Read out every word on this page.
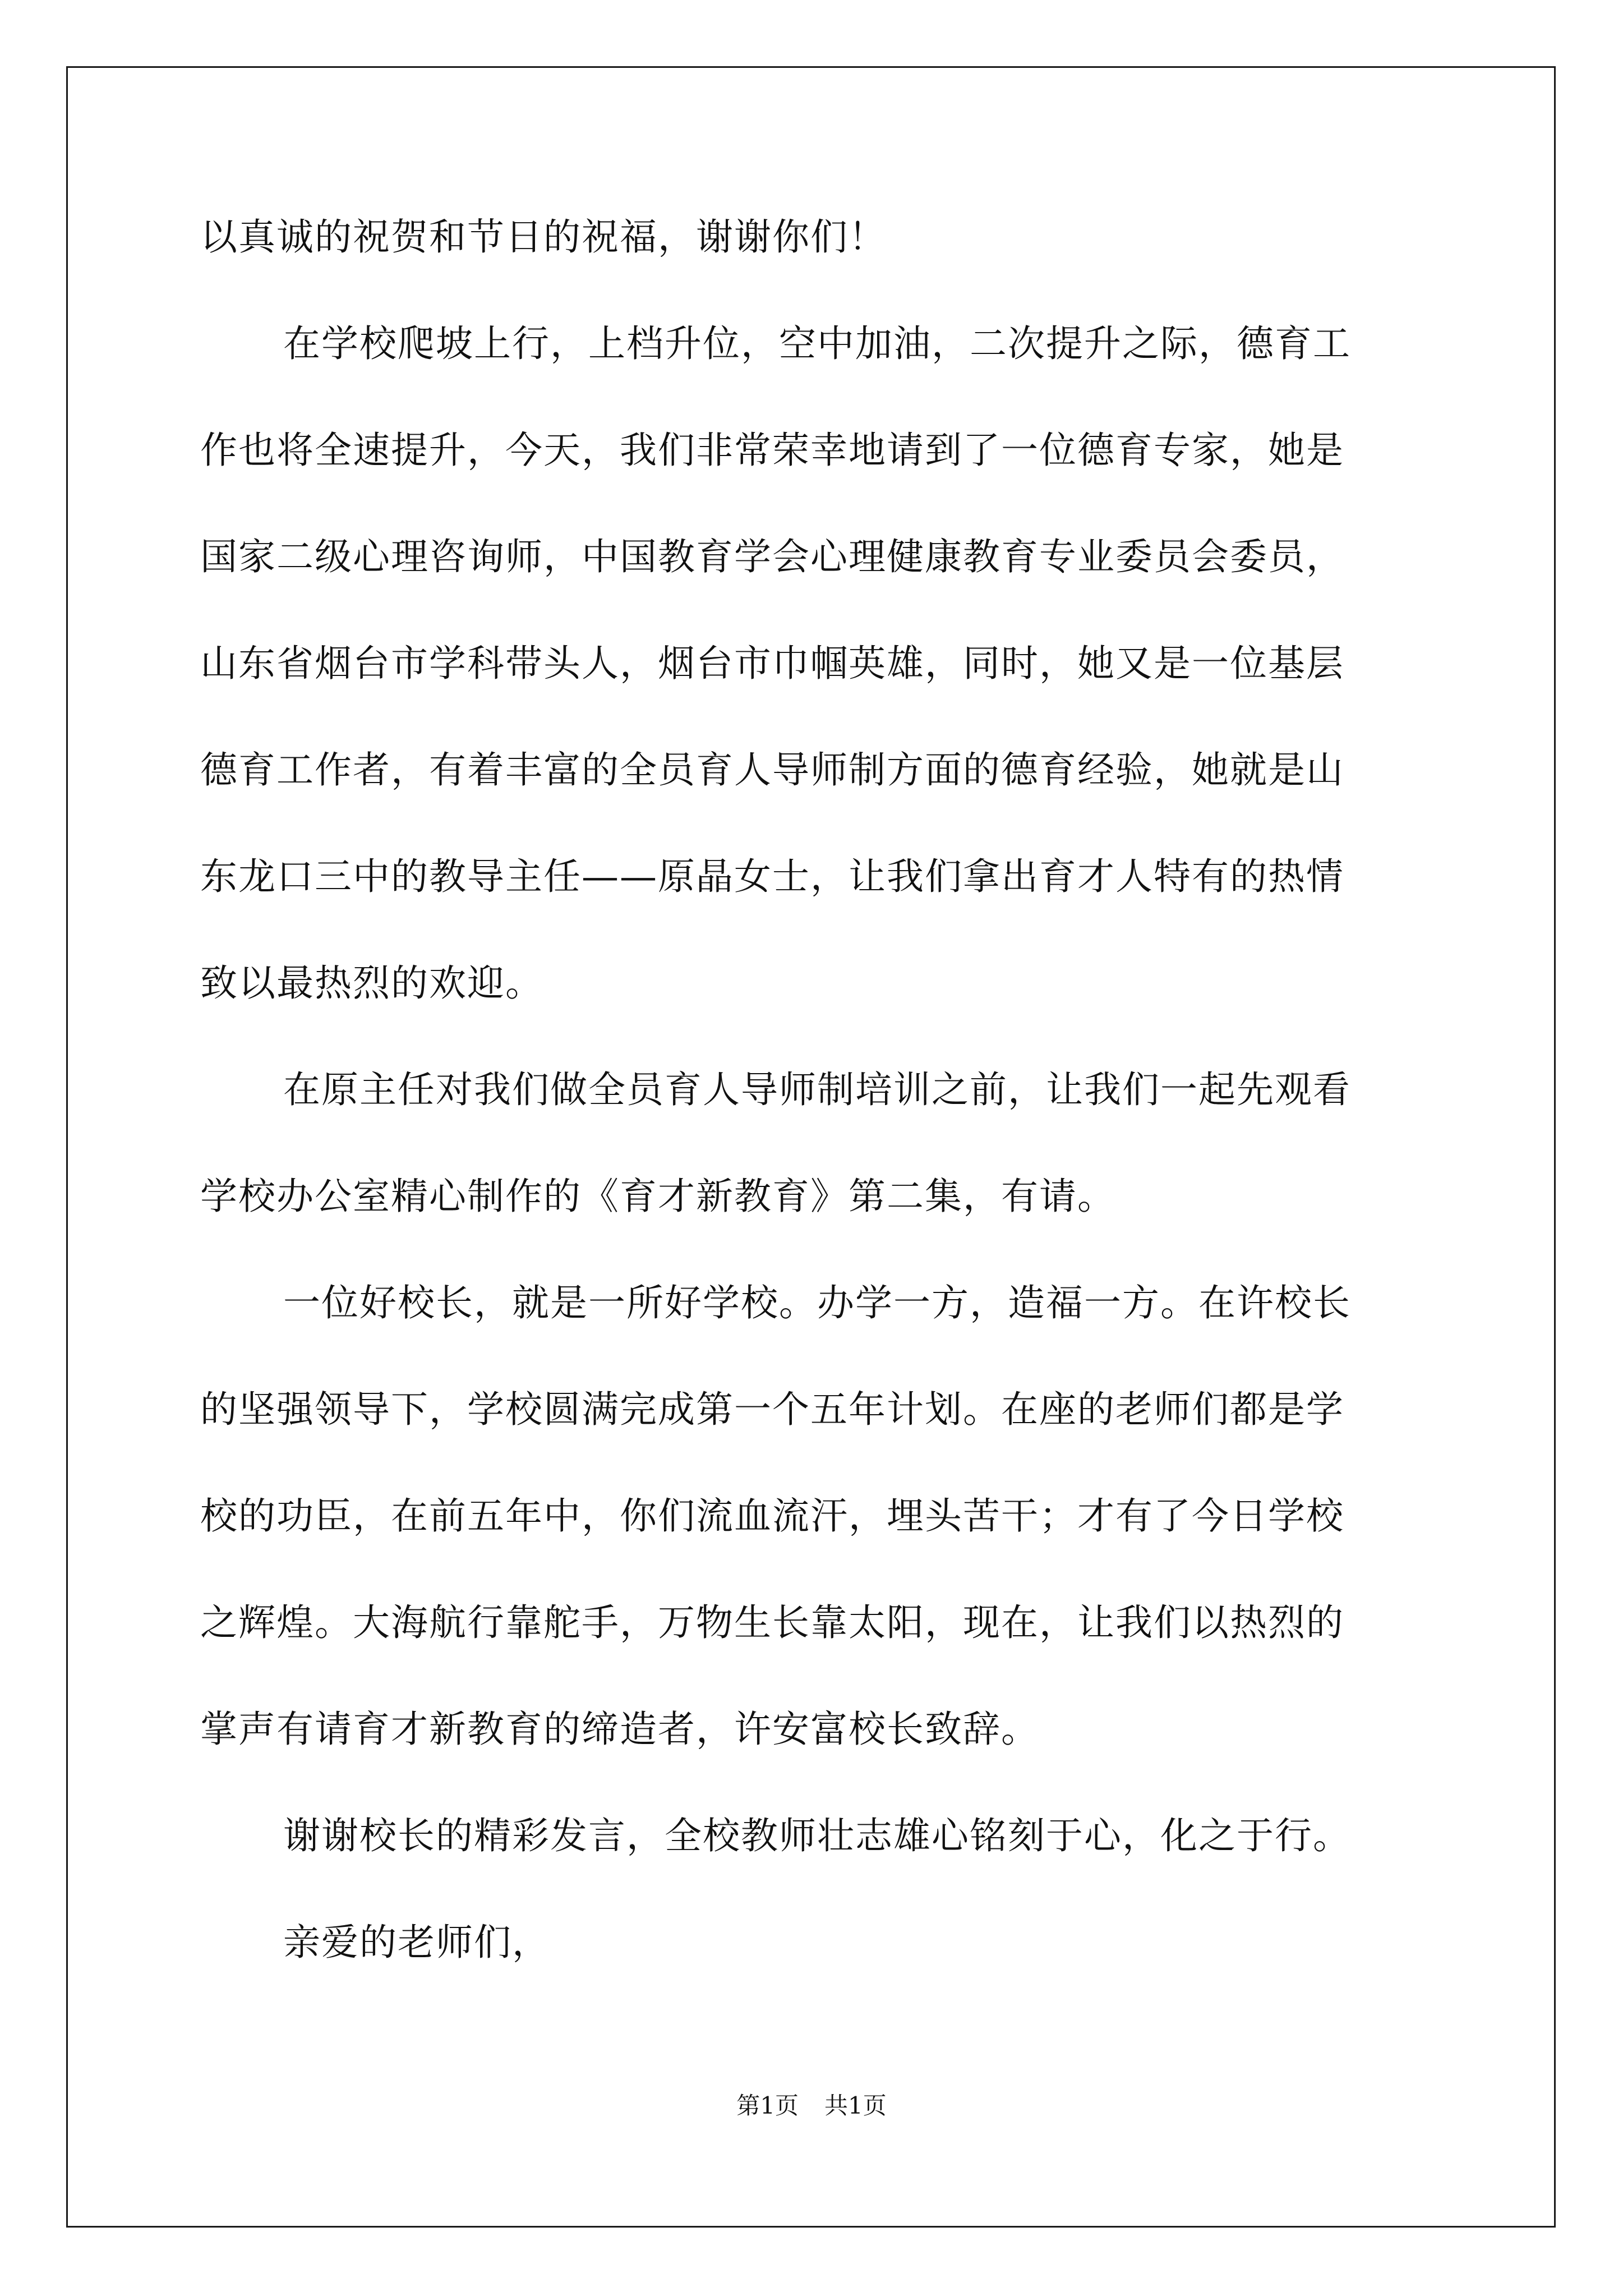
以真诚的祝贺和节日的祝福，谢谢你们！
在学校爬坡上行，上档升位，空中加油，二次提升之际，德育工
作也将全速提升，今天，我们非常荣幸地请到了一位德育专家，她是
国家二级心理咨询师，中国教育学会心理健康教育专业委员会委员，
山东省烟台市学科带头人，烟台市巾帼英雄，同时，她又是一位基层
德育工作者，有着丰富的全员育人导师制方面的德育经验，她就是山
东龙口三中的教导主任——原晶女士，让我们拿出育才人特有的热情
致以最热烈的欢迎。
在原主任对我们做全员育人导师制培训之前，让我们一起先观看
学校办公室精心制作的《育才新教育》第二集，有请。
一位好校长，就是一所好学校。办学一方，造福一方。在许校长
的坚强领导下，学校圆满完成第一个五年计划。在座的老师们都是学
校的功臣，在前五年中，你们流血流汗，埋头苦干；才有了今日学校
之辉煌。大海航行靠舵手，万物生长靠太阳，现在，让我们以热烈的
掌声有请育才新教育的缔造者，许安富校长致辞。
谢谢校长的精彩发言，全校教师壮志雄心铭刻于心，化之于行。
亲爱的老师们，
第1页 共1页
